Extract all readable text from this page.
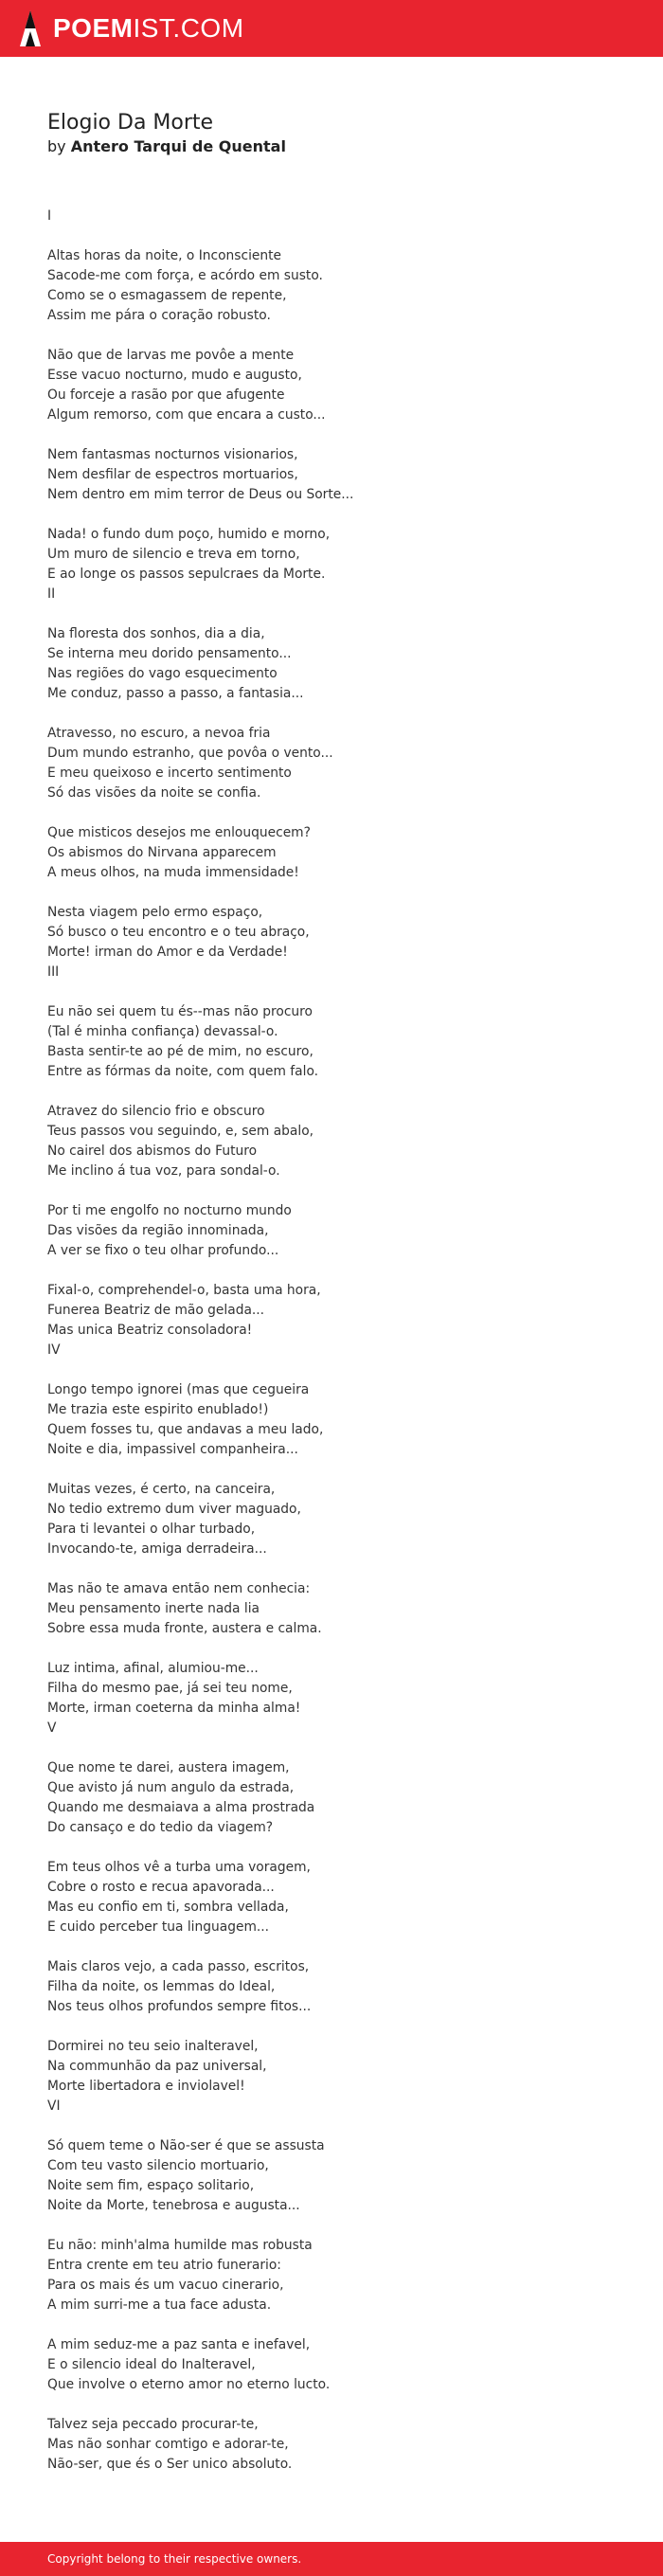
POEMIST.COM
Elogio Da Morte
by Antero Tarqui de Quental
I
Altas horas da noite, o Inconsciente
Sacode-me com força, e acórdo em susto.
Como se o esmagassem de repente,
Assim me pára o coração robusto.
Não que de larvas me povôe a mente
Esse vacuo nocturno, mudo e augusto,
Ou forceje a rasão por que afugente
Algum remorso, com que encara a custo...
Nem fantasmas nocturnos visionarios,
Nem desfilar de espectros mortuarios,
Nem dentro em mim terror de Deus ou Sorte...
Nada! o fundo dum poço, humido e morno,
Um muro de silencio e treva em torno,
E ao longe os passos sepulcraes da Morte.
II
Na floresta dos sonhos, dia a dia,
Se interna meu dorido pensamento...
Nas regiões do vago esquecimento
Me conduz, passo a passo, a fantasia...
Atravesso, no escuro, a nevoa fria
Dum mundo estranho, que povôa o vento...
E meu queixoso e incerto sentimento
Só das visões da noite se confia.
Que misticos desejos me enlouquecem?
Os abismos do Nirvana apparecem
A meus olhos, na muda immensidade!
Nesta viagem pelo ermo espaço,
Só busco o teu encontro e o teu abraço,
Morte! irman do Amor e da Verdade!
III
Eu não sei quem tu és--mas não procuro
(Tal é minha confiança) devassal-o.
Basta sentir-te ao pé de mim, no escuro,
Entre as fórmas da noite, com quem falo.
Atravez do silencio frio e obscuro
Teus passos vou seguindo, e, sem abalo,
No cairel dos abismos do Futuro
Me inclino á tua voz, para sondal-o.
Por ti me engolfo no nocturno mundo
Das visões da região innominada,
A ver se fixo o teu olhar profundo...
Fixal-o, comprehendel-o, basta uma hora,
Funerea Beatriz de mão gelada...
Mas unica Beatriz consoladora!
IV
Longo tempo ignorei (mas que cegueira
Me trazia este espirito enublado!)
Quem fosses tu, que andavas a meu lado,
Noite e dia, impassivel companheira...
Muitas vezes, é certo, na canceira,
No tedio extremo dum viver maguado,
Para ti levantei o olhar turbado,
Invocando-te, amiga derradeira...
Mas não te amava então nem conhecia:
Meu pensamento inerte nada lia
Sobre essa muda fronte, austera e calma.
Luz intima, afinal, alumiou-me...
Filha do mesmo pae, já sei teu nome,
Morte, irman coeterna da minha alma!
V
Que nome te darei, austera imagem,
Que avisto já num angulo da estrada,
Quando me desmaiava a alma prostrada
Do cansaço e do tedio da viagem?
Em teus olhos vê a turba uma voragem,
Cobre o rosto e recua apavorada...
Mas eu confio em ti, sombra vellada,
E cuido perceber tua linguagem...
Mais claros vejo, a cada passo, escritos,
Filha da noite, os lemmas do Ideal,
Nos teus olhos profundos sempre fitos...
Dormirei no teu seio inalteravel,
Na communhão da paz universal,
Morte libertadora e inviolavel!
VI
Só quem teme o Não-ser é que se assusta
Com teu vasto silencio mortuario,
Noite sem fim, espaço solitario,
Noite da Morte, tenebrosa e augusta...
Eu não: minh'alma humilde mas robusta
Entra crente em teu atrio funerario:
Para os mais és um vacuo cinerario,
A mim surri-me a tua face adusta.
A mim seduz-me a paz santa e inefavel,
E o silencio ideal do Inalteravel,
Que involve o eterno amor no eterno lucto.
Talvez seja peccado procurar-te,
Mas não sonhar comtigo e adorar-te,
Não-ser, que és o Ser unico absoluto.
Copyright belong to their respective owners.
